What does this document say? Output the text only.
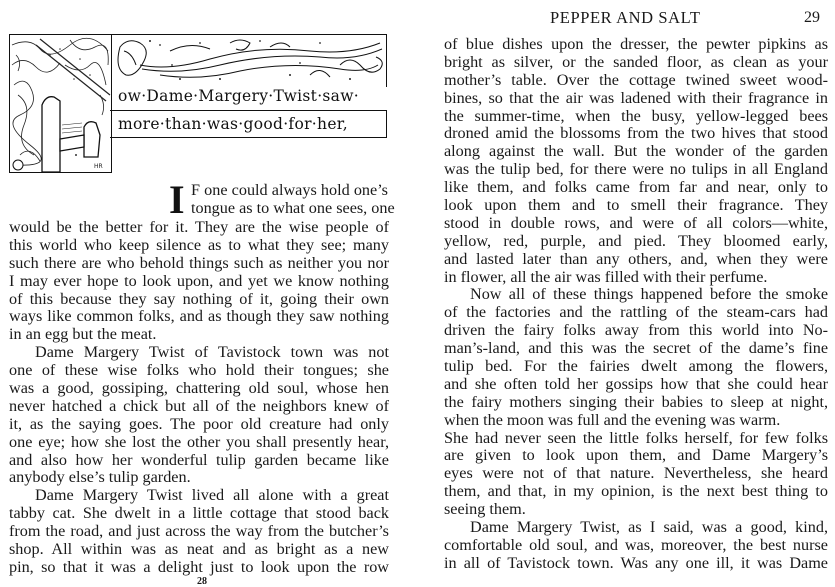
HR
ow·Dame·Margery·Twist·saw·
more·than·was·good·for·her,
I F one could always hold one’s
tongue as to what one sees, one
would be the better for it. They are the wise people of
this world who keep silence as to what they see; many
such there are who behold things such as neither you nor
I may ever hope to look upon, and yet we know nothing
of this because they say nothing of it, going their own
ways like common folks, and as though they saw nothing
in an egg but the meat.
Dame Margery Twist of Tavistock town was not
one of these wise folks who hold their tongues; she
was a good, gossiping, chattering old soul, whose hen
never hatched a chick but all of the neighbors knew of
it, as the saying goes. The poor old creature had only
one eye; how she lost the other you shall presently hear,
and also how her wonderful tulip garden became like
anybody else’s tulip garden.
Dame Margery Twist lived all alone with a great
tabby cat. She dwelt in a little cottage that stood back
from the road, and just across the way from the butcher’s
shop. All within was as neat and as bright as a new
pin, so that it was a delight just to look upon the row
28
PEPPER AND SALT	29
of blue dishes upon the dresser, the pewter pipkins as
bright as silver, or the sanded floor, as clean as your
mother’s table. Over the cottage twined sweet wood-
bines, so that the air was ladened with their fragrance in
the summer-time, when the busy, yellow-legged bees
droned amid the blossoms from the two hives that stood
along against the wall. But the wonder of the garden
was the tulip bed, for there were no tulips in all England
like them, and folks came from far and near, only to
look upon them and to smell their fragrance. They
stood in double rows, and were of all colors—white,
yellow, red, purple, and pied. They bloomed early,
and lasted later than any others, and, when they were
in flower, all the air was filled with their perfume.
Now all of these things happened before the smoke
of the factories and the rattling of the steam-cars had
driven the fairy folks away from this world into No-
man’s-land, and this was the secret of the dame’s fine
tulip bed. For the fairies dwelt among the flowers,
and she often told her gossips how that she could hear
the fairy mothers singing their babies to sleep at night,
when the moon was full and the evening was warm.
She had never seen the little folks herself, for few folks
are given to look upon them, and Dame Margery’s
eyes were not of that nature. Nevertheless, she heard
them, and that, in my opinion, is the next best thing to
seeing them.
Dame Margery Twist, as I said, was a good, kind,
comfortable old soul, and was, moreover, the best nurse
in all of Tavistock town. Was any one ill, it was Dame
